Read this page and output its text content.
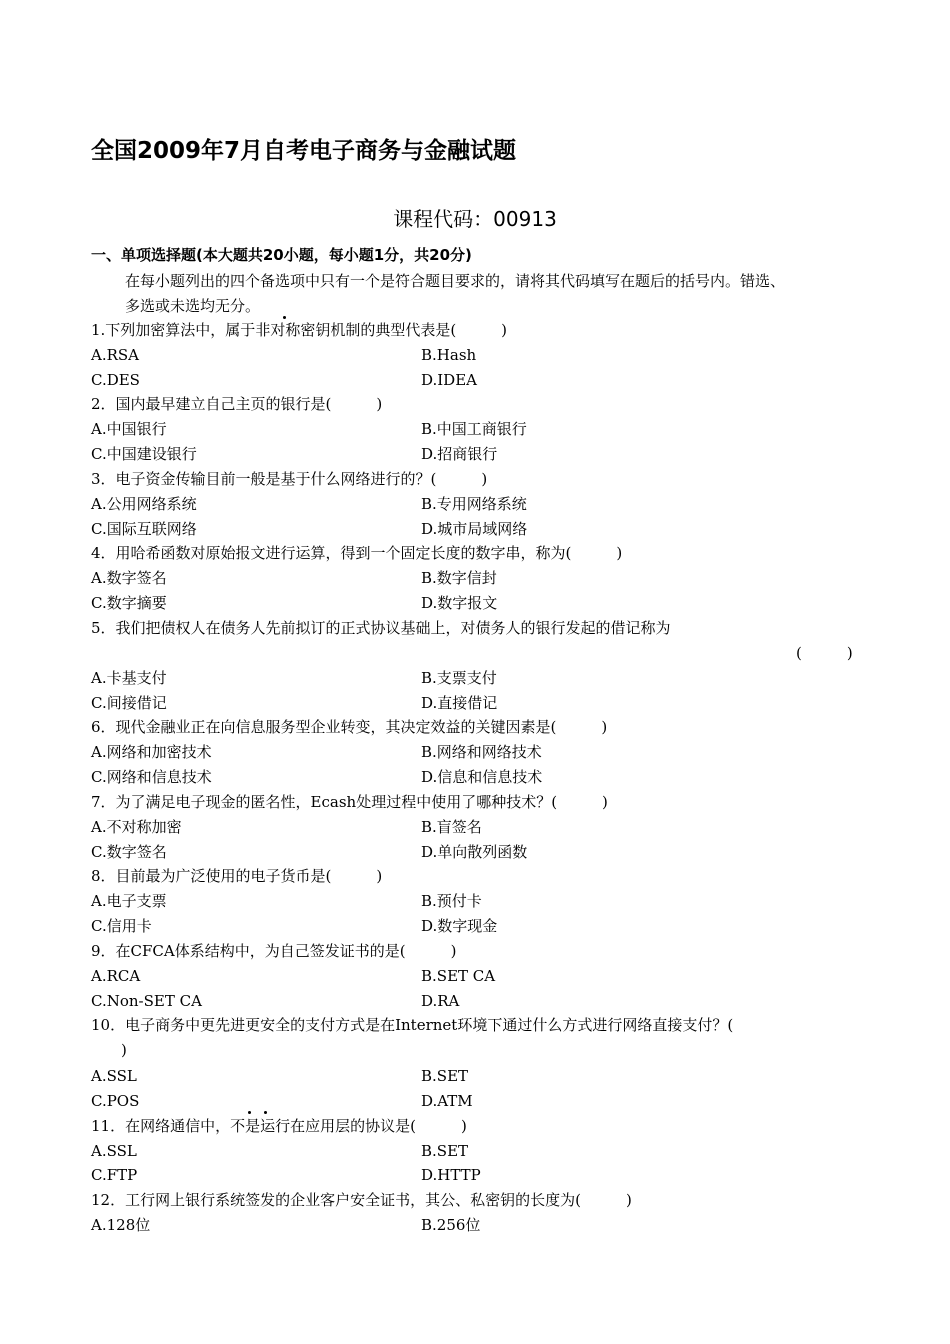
全国2009年7月自考电子商务与金融试题
课程代码：00913
一、单项选择题(本大题共20小题，每小题1分，共20分)
在每小题列出的四个备选项中只有一个是符合题目要求的，请将其代码填写在题后的括号内。错选、
多选或未选均无分。
1.下列加密算法中，属于非对称密钥机制的典型代表是(　　　)
A.RSA	B.Hash
C.DES	D.IDEA
2．国内最早建立自己主页的银行是(　　　)
A.中国银行	B.中国工商银行
C.中国建设银行	D.招商银行
3．电子资金传输目前一般是基于什么网络进行的？(　　　)
A.公用网络系统	B.专用网络系统
C.国际互联网络	D.城市局域网络
4．用哈希函数对原始报文进行运算，得到一个固定长度的数字串，称为(　　　)
A.数字签名	B.数字信封
C.数字摘要	D.数字报文
5．我们把债权人在债务人先前拟订的正式协议基础上，对债务人的银行发起的借记称为
(　　　)
A.卡基支付	B.支票支付
C.间接借记	D.直接借记
6．现代金融业正在向信息服务型企业转变，其决定效益的关键因素是(　　　)
A.网络和加密技术	B.网络和网络技术
C.网络和信息技术	D.信息和信息技术
7．为了满足电子现金的匿名性，Ecash处理过程中使用了哪种技术？(　　　)
A.不对称加密	B.盲签名
C.数字签名	D.单向散列函数
8．目前最为广泛使用的电子货币是(　　　)
A.电子支票	B.预付卡
C.信用卡	D.数字现金
9．在CFCA体系结构中，为自己签发证书的是(　　　)
A.RCA	B.SET CA
C.Non-SET CA	D.RA
10．电子商务中更先进更安全的支付方式是在Internet环境下通过什么方式进行网络直接支付？(
)
A.SSL	B.SET
C.POS	D.ATM
11．在网络通信中，不是运行在应用层的协议是(　　　)
A.SSL	B.SET
C.FTP	D.HTTP
12．工行网上银行系统签发的企业客户安全证书，其公、私密钥的长度为(　　　)
A.128位	B.256位
